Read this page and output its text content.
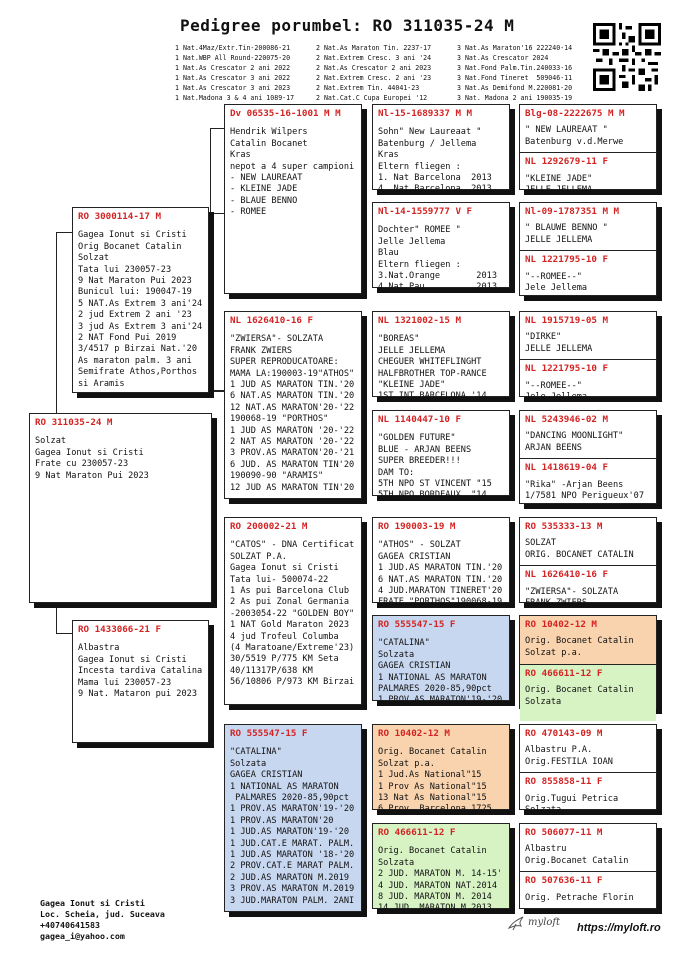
Pedigree porumbel: RO 311035-24 M
1 Nat.4Maz/Extr.Tin-200086-21
1 Nat.WBP All Round-220075-20
1 Nat.As Crescator 2 ani 2022
1 Nat.As Crescator 3 ani 2022
1 Nat.As Crescator 3 ani 2023
1 Nat.Madona 3 & 4 ani 1089-17
2 Nat.As Maraton Tin. 2237-17
2 Nat.Extrem Cresc. 3 ani '24
2 Nat.As Crescator 2 ani 2023
2 Nat.Extrem Cresc. 2 ani '23
2 Nat.Extrem Tin. 44041-23
2 Nat.Cat.C Cupa Europei '12
3 Nat.As Maraton'16 222240-14
3 Nat.As Crescator 2024
3 Nat.Fond Palm.Tin.240033-16
3 Nat.Fond Tineret  509046-11
3 Nat.As Demifond M.220081-20
3 Nat. Madona 2 ani 190035-19
RO 311035-24 M
Solzat
Gagea Ionut si Cristi
Frate cu 230057-23
9 Nat Maraton Pui 2023
RO 3000114-17 M
Gagea Ionut si Cristi
Orig Bocanet Catalin
Solzat
Tata lui 230057-23
9 Nat Maraton Pui 2023
Bunicul lui: 190047-19
5 NAT.As Extrem 3 ani'24
2 jud Extrem 2 ani '23
3 jud As Extrem 3 ani'24
2 NAT Fond Pui 2019
3/4517 p Birzai Nat.'20
As maraton palm. 3 ani
Semifrate Athos,Porthos
si Aramis
RO 1433066-21 F
Albastra
Gagea Ionut si Cristi
Incesta tardiva Catalina
Mama lui 230057-23
9 Nat. Mataron pui 2023
Dv 06535-16-1001 M M
Hendrik Wilpers
Catalin Bocanet
Kras
nepot a 4 super campioni
- NEW LAUREAAT
- KLEINE JADE
- BLAUE BENNO
- ROMEE
NL 1626410-16 F
"ZWIERSA"- SOLZATA
FRANK ZWIERS
SUPER REPRODUCATOARE:
MAMA LA:190003-19"ATHOS"
1 JUD AS MARATON TIN.'20
6 NAT.AS MARATON TIN.'20
12 NAT.AS MARATON'20-'22
190068-19 "PORTHOS"
1 JUD AS MARATON '20-'22
2 NAT AS MARATON '20-'22
3 PROV.AS MARATON'20-'21
6 JUD. AS MARATON TIN'20
190090-90 "ARAMIS"
12 JUD AS MARATON TIN'20
RO 200002-21 M
"CATOS" - DNA Certificat
SOLZAT P.A.
Gagea Ionut si Cristi
Tata lui- 500074-22
1 As pui Barcelona Club
2 As pui Zonal Germania
-2003054-22 "GOLDEN BOY"
1 NAT Gold Maraton 2023
4 jud Trofeul Columba
(4 Maratoane/Extreme'23)
30/5519 P/775 KM Seta
40/11317P/638 KM
56/10806 P/973 KM Birzai
RO 555547-15 F
"CATALINA"
Solzata
GAGEA CRISTIAN
1 NATIONAL AS MARATON
PALMARES 2020-85,90pct
1 PROV.AS MARATON'19-'20
1 PROV.AS MARATON'20
1 JUD.AS MARATON'19-'20
1 JUD.CAT.E MARAT. PALM.
1 JUD.AS MARATON '18-'20
2 PROV.CAT.E MARAT PALM.
2 JUD.AS MARATON M.2019
3 PROV.AS MARATON M.2019
3 JUD.MARATON PALM. 2ANI
Nl-15-1689337 M M
Sohn" New Laureaat "
Batenburg / Jellema
Kras
Eltern fliegen :
1. Nat Barcelona  2013
4. Nat Barcelona  2013
Nl-14-1559777 V F
Dochter" ROMEE "
Jelle Jellema
Blau
Eltern fliegen :
3.Nat.Orange       2013
4.Nat.Pau          2013
NL 1321002-15 M
"BOREAS"
JELLE JELLEMA
CHEGUER WHITEFLINGHT
HALFBROTHER TOP-RANCE
"KLEINE JADE"
1ST INT BARCELONA '14
NL 1140447-10 F
"GOLDEN FUTURE"
BLUE - ARJAN BEENS
SUPER BREEDER!!!
DAM TO:
5TH NPO ST VINCENT "15
5TH NPO BORDEAUX  "14
RO 190003-19 M
"ATHOS" - SOLZAT
GAGEA CRISTIAN
1 JUD.AS MARATON TIN.'20
6 NAT.AS MARATON TIN.'20
4 JUD.MARATON TINERET'20
FRATE "PORTHOS"190068-19
RO 555547-15 F
"CATALINA"
Solzata
GAGEA CRISTIAN
1 NATIONAL AS MARATON
PALMARES 2020-85,90pct
1 PROV.AS MARATON'19-'20
RO 10402-12 M
Orig. Bocanet Catalin
Solzat p.a.
1 Jud.As National"15
1 Prov As National"15
13 Nat As National"15
6 Prov. Barcelona 1725
RO 466611-12 F
Orig. Bocanet Catalin
Solzata
2 JUD. MARATON M. 14-15'
4 JUD. MARATON NAT.2014
8 JUD. MARATON M. 2014
14 JUD. MARATON M.2013
Blg-08-2222675 M M
" NEW LAUREAAT "
Batenburg v.d.Merwe
NL 1292679-11 F
"KLEINE JADE"
JELLE JELLEMA
Nl-09-1787351 M M
" BLAUWE BENNO "
JELLE JELLEMA
NL 1221795-10 F
"--ROMEE--"
Jele Jellema
NL 1915719-05 M
"DIRKE"
JELLE JELLEMA
NL 1221795-10 F
"--ROMEE--"
Jele Jellema
NL 5243946-02 M
"DANCING MOONLIGHT"
ARJAN BEENS
NL 1418619-04 F
"Rika" -Arjan Beens
1/7581 NPO Perigueux'07
RO 535333-13 M
SOLZAT
ORIG. BOCANET CATALIN
NL 1626410-16 F
"ZWIERSA"- SOLZATA
FRANK ZWIERS
RO 10402-12 M
Orig. Bocanet Catalin
Solzat p.a.
RO 466611-12 F
Orig. Bocanet Catalin
Solzata
RO 470143-09 M
Albastru P.A.
Orig.FESTILA IOAN
RO 855858-11 F
Orig.Tugui Petrica
Solzata
RO 506077-11 M
Albastru
Orig.Bocanet Catalin
RO 507636-11 F
Orig. Petrache Florin
Gagea Ionut si Cristi
Loc. Scheia, jud. Suceava
+40740641583
gagea_i@yahoo.com
myloft https://myloft.ro
